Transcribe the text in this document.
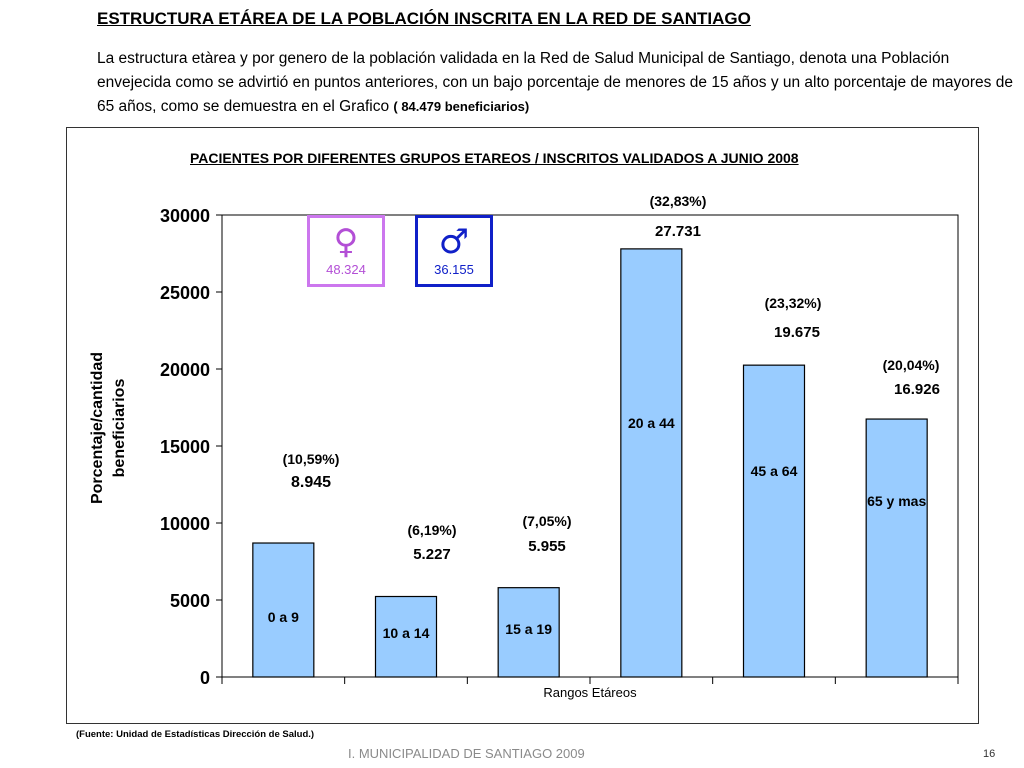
ESTRUCTURA ETÁREA DE LA POBLACIÓN INSCRITA EN LA RED DE SANTIAGO
La estructura etàrea y por genero de la población validada en la Red de Salud Municipal de Santiago, denota una Población envejecida como se advirtió en puntos anteriores, con un bajo porcentaje de menores de 15 años y un alto porcentaje de mayores de 65 años, como se demuestra en el Grafico ( 84.479 beneficiarios)
PACIENTES POR DIFERENTES GRUPOS ETAREOS / INSCRITOS VALIDADOS A JUNIO 2008
0
5000
10000
15000
20000
25000
30000
Porcentaje/cantidad beneficiarios
Rangos Etáreos
0 a 9
(10,59%)
8.945
10 a 14
(6,19%)
5.227
15 a 19
(7,05%)
5.955
20 a 44
(32,83%)
27.731
45 a 64
(23,32%)
19.675
65 y mas
(20,04%)
16.926
♀
48.324
♂
36.155
(Fuente: Unidad de Estadísticas Dirección de Salud.)
I. MUNICIPALIDAD DE SANTIAGO 2009	16
